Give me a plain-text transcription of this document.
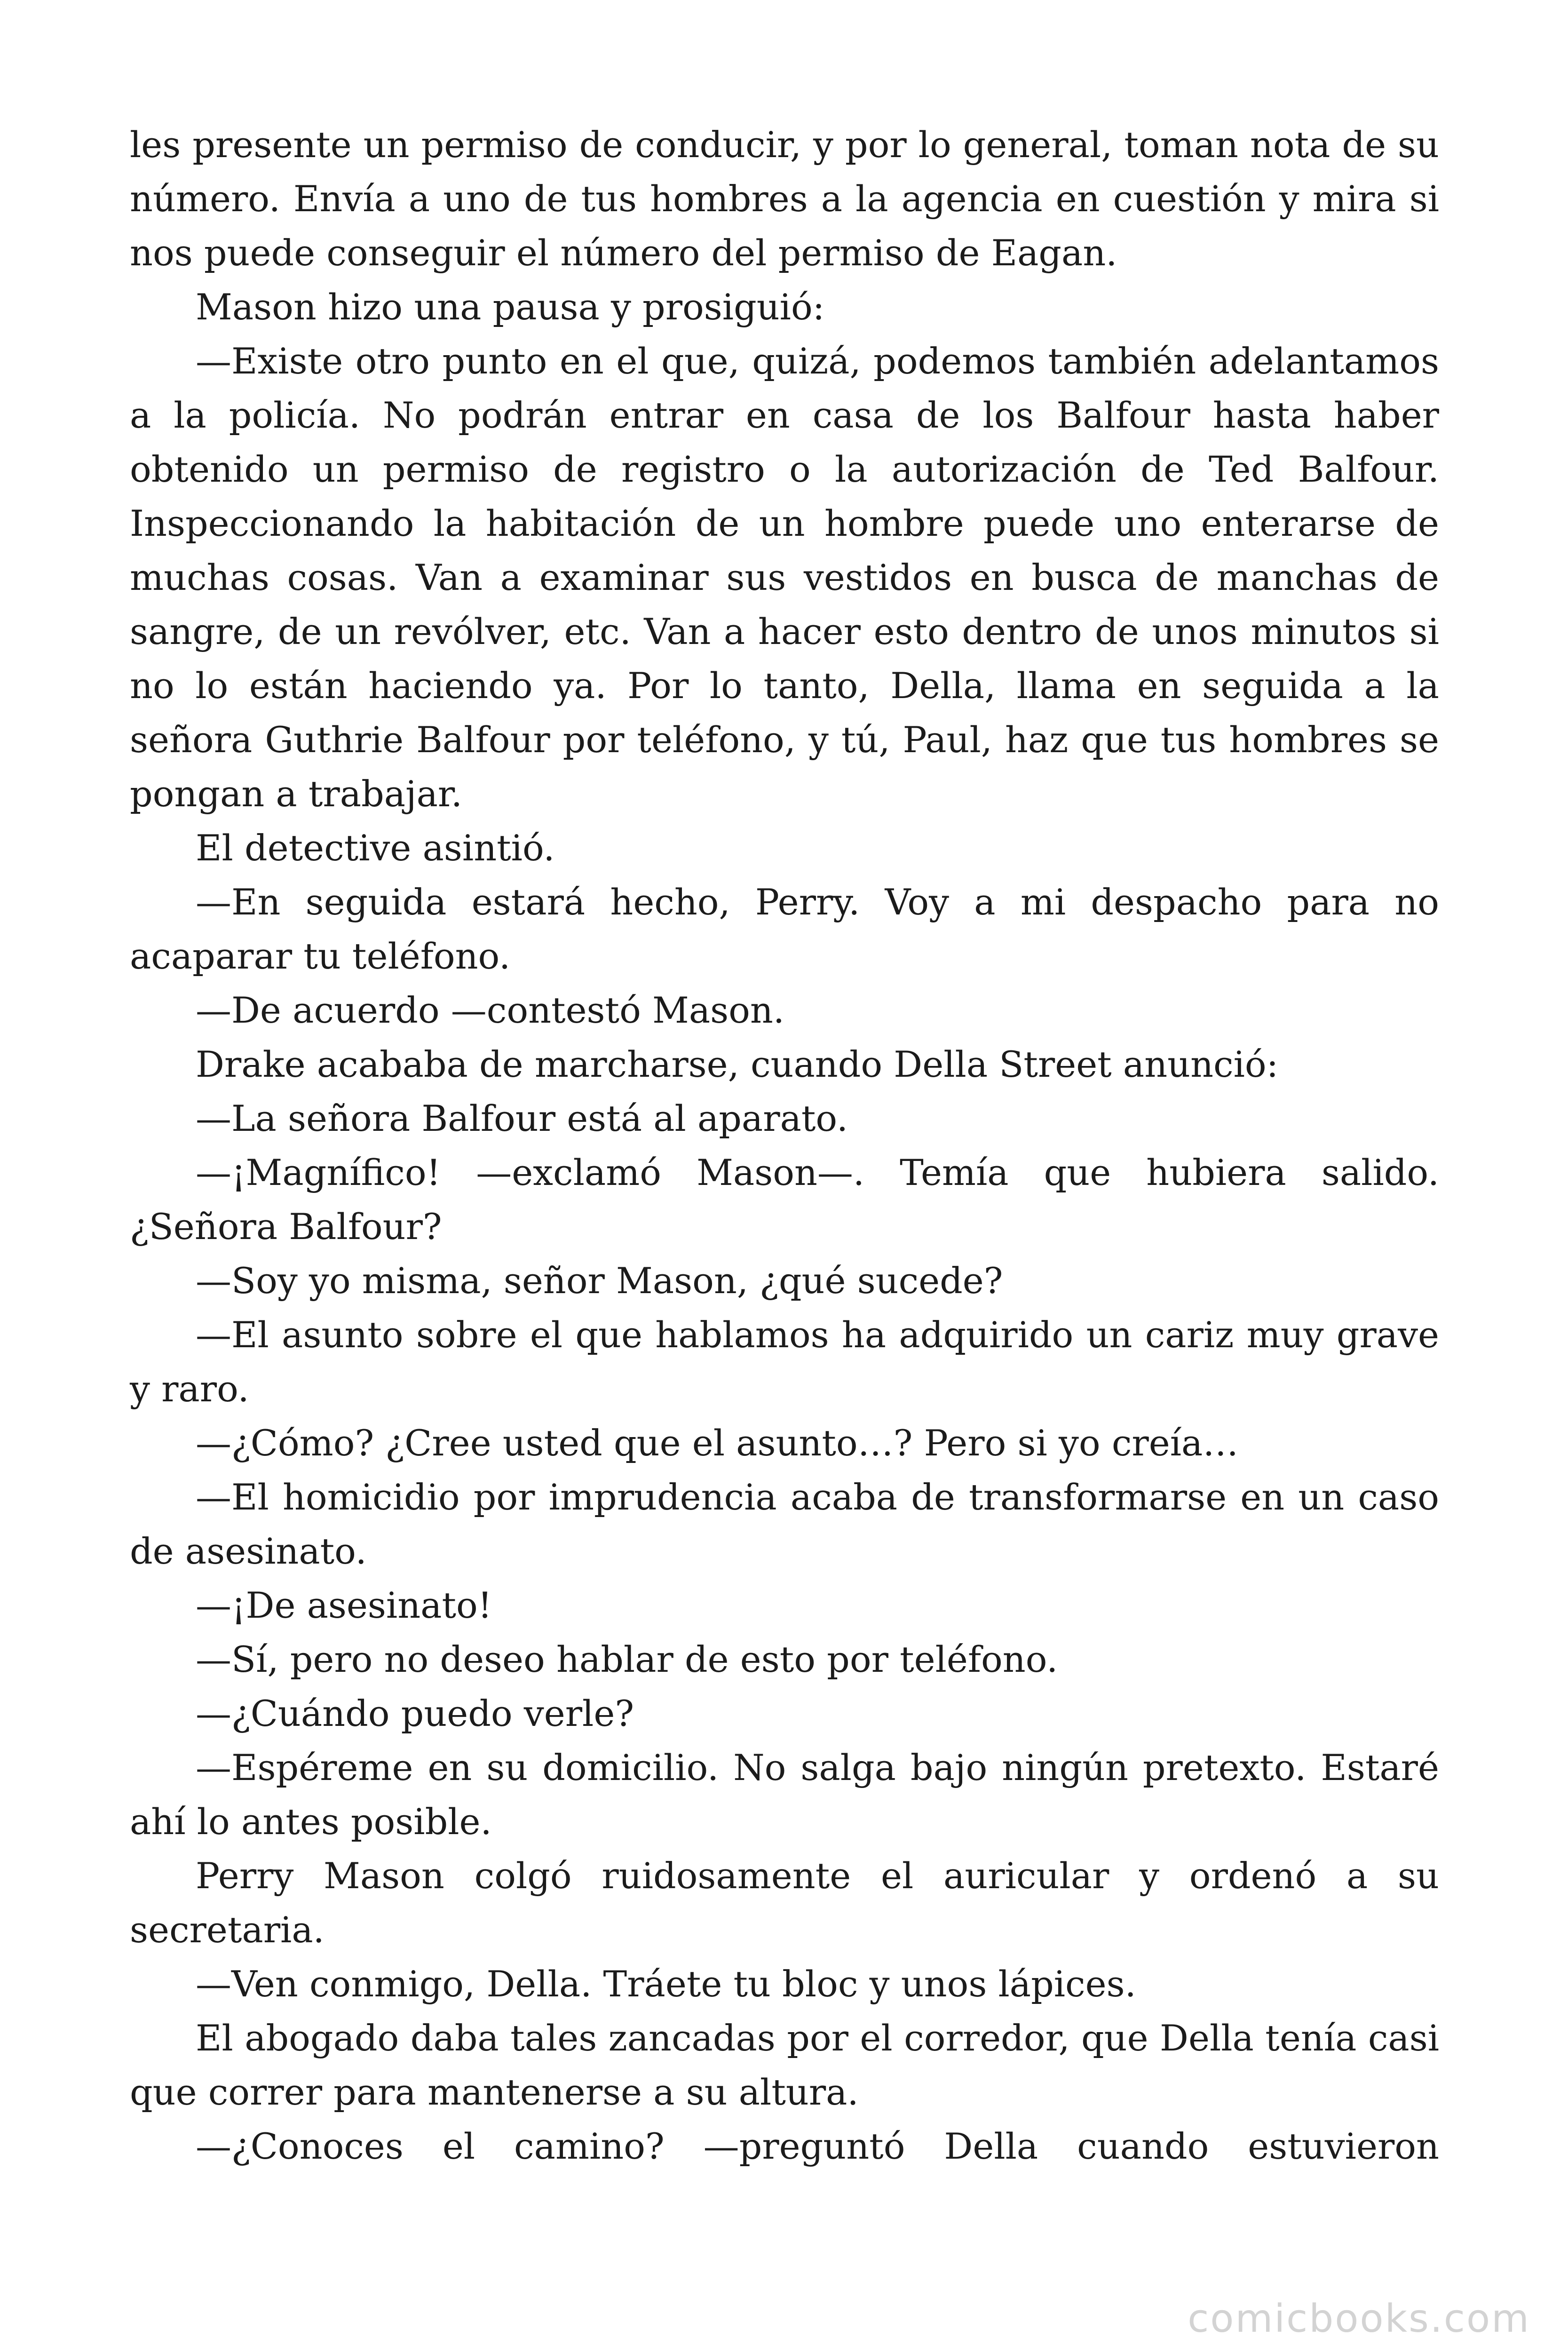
les presente un permiso de conducir, y por lo general, toman nota de su número. Envía a uno de tus hombres a la agencia en cuestión y mira si nos puede conseguir el número del permiso de Eagan.

Mason hizo una pausa y prosiguió:

—Existe otro punto en el que, quizá, podemos también adelantamos a la policía. No podrán entrar en casa de los Balfour hasta haber obtenido un permiso de registro o la autorización de Ted Balfour. Inspeccionando la habitación de un hombre puede uno enterarse de muchas cosas. Van a examinar sus vestidos en busca de manchas de sangre, de un revólver, etc. Van a hacer esto dentro de unos minutos si no lo están haciendo ya. Por lo tanto, Della, llama en seguida a la señora Guthrie Balfour por teléfono, y tú, Paul, haz que tus hombres se pongan a trabajar.

El detective asintió.

—En seguida estará hecho, Perry. Voy a mi despacho para no acaparar tu teléfono.

—De acuerdo —contestó Mason.

Drake acababa de marcharse, cuando Della Street anunció:

—La señora Balfour está al aparato.

—¡Magnífico! —exclamó Mason—. Temía que hubiera salido. ¿Señora Balfour?

—Soy yo misma, señor Mason, ¿qué sucede?

—El asunto sobre el que hablamos ha adquirido un cariz muy grave y raro.

—¿Cómo? ¿Cree usted que el asunto…? Pero si yo creía…

—El homicidio por imprudencia acaba de transformarse en un caso de asesinato.

—¡De asesinato!

—Sí, pero no deseo hablar de esto por teléfono.

—¿Cuándo puedo verle?

—Espéreme en su domicilio. No salga bajo ningún pretexto. Estaré ahí lo antes posible.

Perry Mason colgó ruidosamente el auricular y ordenó a su secretaria.

—Ven conmigo, Della. Tráete tu bloc y unos lápices.

El abogado daba tales zancadas por el corredor, que Della tenía casi que correr para mantenerse a su altura.

—¿Conoces el camino? —preguntó Della cuando estuvieron

comicbooks.com
